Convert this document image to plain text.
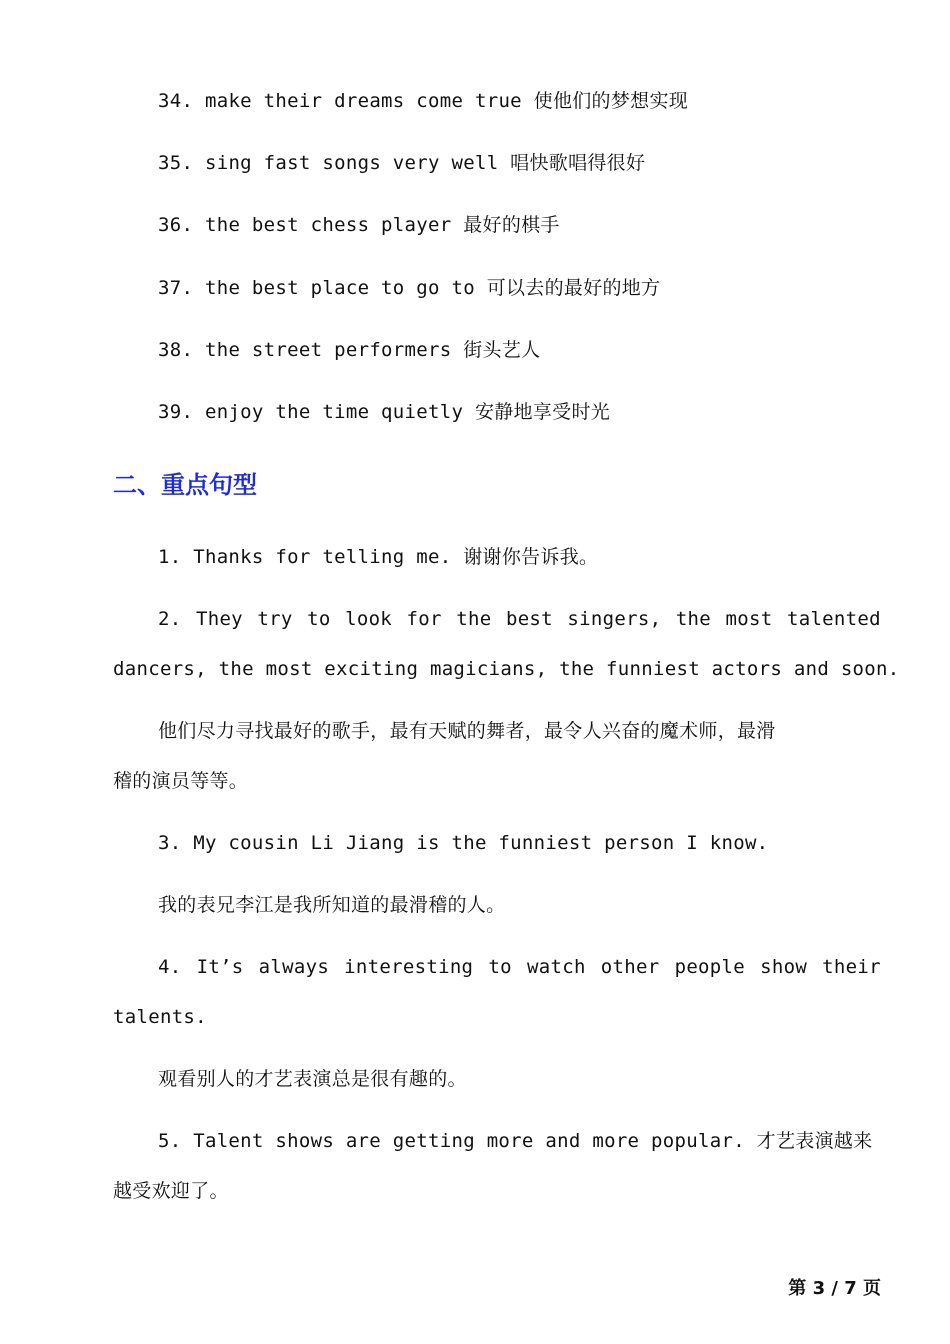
34. make their dreams come true 使他们的梦想实现
35. sing fast songs very well 唱快歌唱得很好
36. the best chess player 最好的棋手
37. the best place to go to 可以去的最好的地方
38. the street performers 街头艺人
39. enjoy the time quietly 安静地享受时光
二、重点句型
1. Thanks for telling me. 谢谢你告诉我。
2. They try to look for the best singers, the most talented
dancers, the most exciting magicians, the funniest actors and soon.
他们尽力寻找最好的歌手，最有天赋的舞者，最令人兴奋的魔术师，最滑
稽的演员等等。
3. My cousin Li Jiang is the funniest person I know.
我的表兄李江是我所知道的最滑稽的人。
4. It’s always interesting to watch other people show their
talents.
观看别人的才艺表演总是很有趣的。
5. Talent shows are getting more and more popular. 才艺表演越来
越受欢迎了。
第 3 / 7 页
